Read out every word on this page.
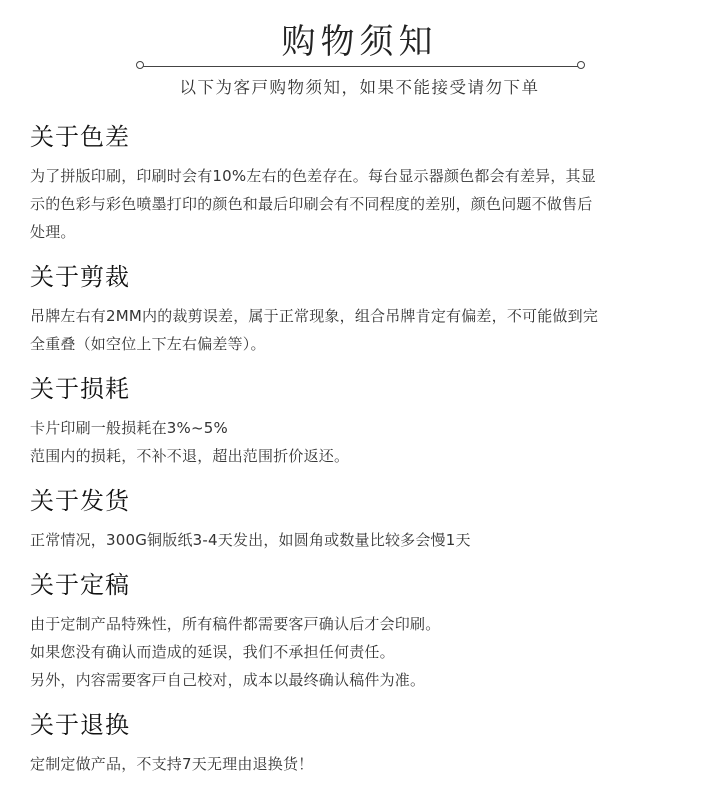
购物须知
以下为客戸购物须知，如果不能接受请勿下单
关于色差
为了拼版印刷，印刷时会有10%左右的色差存在。每台显示器颜色都会有差异，其显
示的色彩与彩色喷墨打印的颜色和最后印刷会有不同程度的差别，颜色问题不做售后
处理。
关于剪裁
吊牌左右有2MM内的裁剪误差，属于正常现象，组合吊牌肯定有偏差，不可能做到完
全重叠（如空位上下左右偏差等）。
关于损耗
卡片印刷一般损耗在3%~5%
范围内的损耗，不补不退，超出范围折价返还。
关于发货
正常情况，300G铜版纸3-4天发出，如圆角或数量比较多会慢1天
关于定稿
由于定制产品特殊性，所有稿件都需要客戸确认后才会印刷。
如果您没有确认而造成的延误，我们不承担任何责任。
另外，内容需要客戸自己校对，成本以最终确认稿件为准。
关于退换
定制定做产品，不支持7天无理由退换货！
